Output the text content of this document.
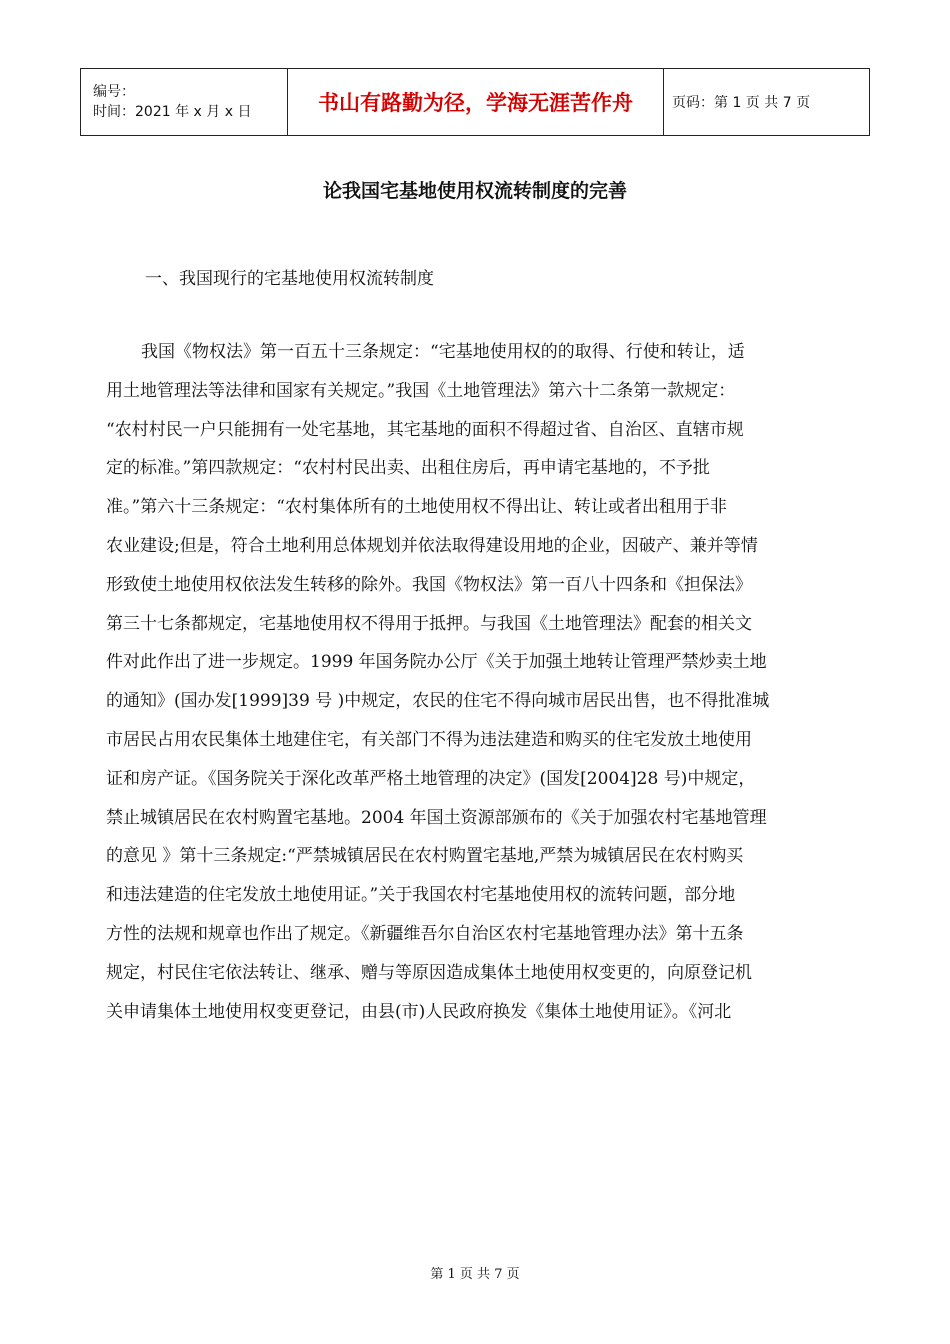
编号：
时间：2021 年 x 月 x 日	书山有路勤为径，学海无涯苦作舟	页码：第 1 页 共 7 页
论我国宅基地使用权流转制度的完善
一、我国现行的宅基地使用权流转制度
我国《物权法》第一百五十三条规定：“宅基地使用权的的取得、行使和转让，适
用土地管理法等法律和国家有关规定。”我国《土地管理法》第六十二条第一款规定：
“农村村民一户只能拥有一处宅基地，其宅基地的面积不得超过省、自治区、直辖市规
定的标准。”第四款规定：“农村村民出卖、出租住房后，再申请宅基地的，不予批
准。”第六十三条规定：“农村集体所有的土地使用权不得出让、转让或者出租用于非
农业建设;但是，符合土地利用总体规划并依法取得建设用地的企业，因破产、兼并等情
形致使土地使用权依法发生转移的除外。我国《物权法》第一百八十四条和《担保法》
第三十七条都规定，宅基地使用权不得用于抵押。与我国《土地管理法》配套的相关文
件对此作出了进一步规定。1999 年国务院办公厅《关于加强土地转让管理严禁炒卖土地
的通知》(国办发[1999]39 号 )中规定，农民的住宅不得向城市居民出售，也不得批准城
市居民占用农民集体土地建住宅，有关部门不得为违法建造和购买的住宅发放土地使用
证和房产证。《国务院关于深化改革严格土地管理的决定》(国发[2004]28 号)中规定，
禁止城镇居民在农村购置宅基地。2004 年国土资源部颁布的《关于加强农村宅基地管理
的意见 》第十三条规定:“严禁城镇居民在农村购置宅基地,严禁为城镇居民在农村购买
和违法建造的住宅发放土地使用证。”关于我国农村宅基地使用权的流转问题，部分地
方性的法规和规章也作出了规定。《新疆维吾尔自治区农村宅基地管理办法》第十五条
规定，村民住宅依法转让、继承、赠与等原因造成集体土地使用权变更的，向原登记机
关申请集体土地使用权变更登记，由县(市)人民政府换发《集体土地使用证》。《河北
第 1 页 共 7 页
